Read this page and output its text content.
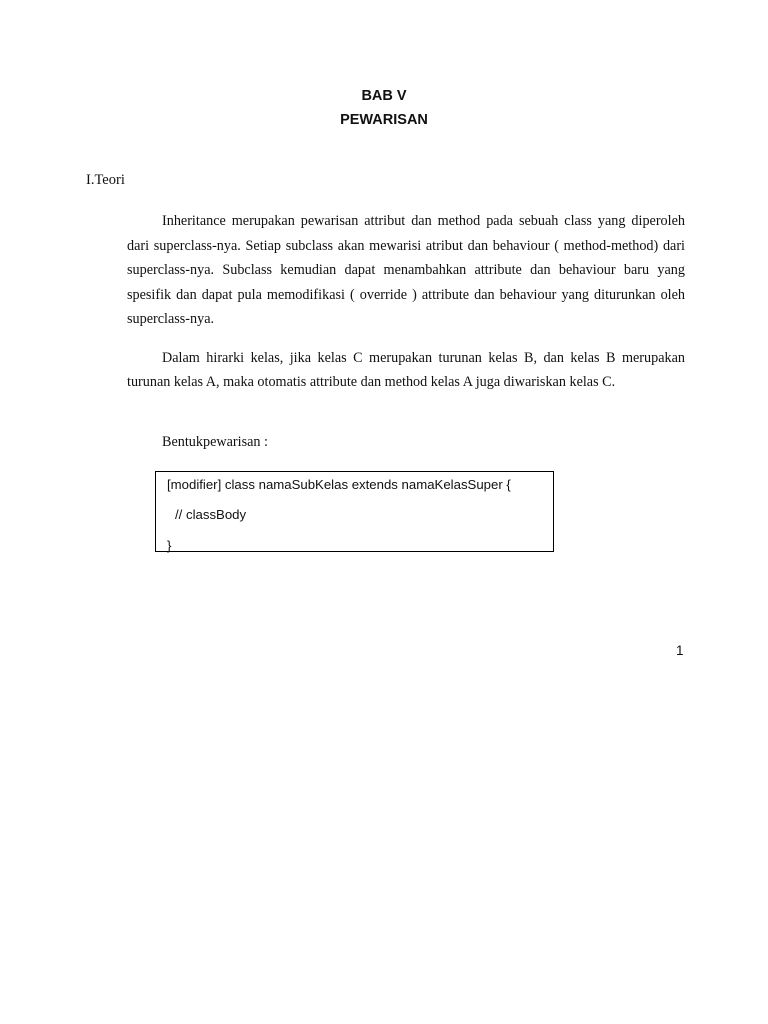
BAB V
PEWARISAN
I.Teori

Inheritance merupakan pewarisan attribut dan method pada sebuah class yang diperoleh dari superclass-nya. Setiap subclass akan mewarisi atribut dan behaviour ( method-method) dari superclass-nya. Subclass kemudian dapat menambahkan attribute dan behaviour baru yang spesifik dan dapat pula memodifikasi ( override ) attribute dan behaviour yang diturunkan oleh superclass-nya.

Dalam hirarki kelas, jika kelas C merupakan turunan kelas B, dan kelas B merupakan turunan kelas A, maka otomatis attribute dan method kelas A juga diwariskan kelas C.

Bentukpewarisan :
[modifier] class namaSubKelas extends namaKelasSuper {
// classBody
}
1
